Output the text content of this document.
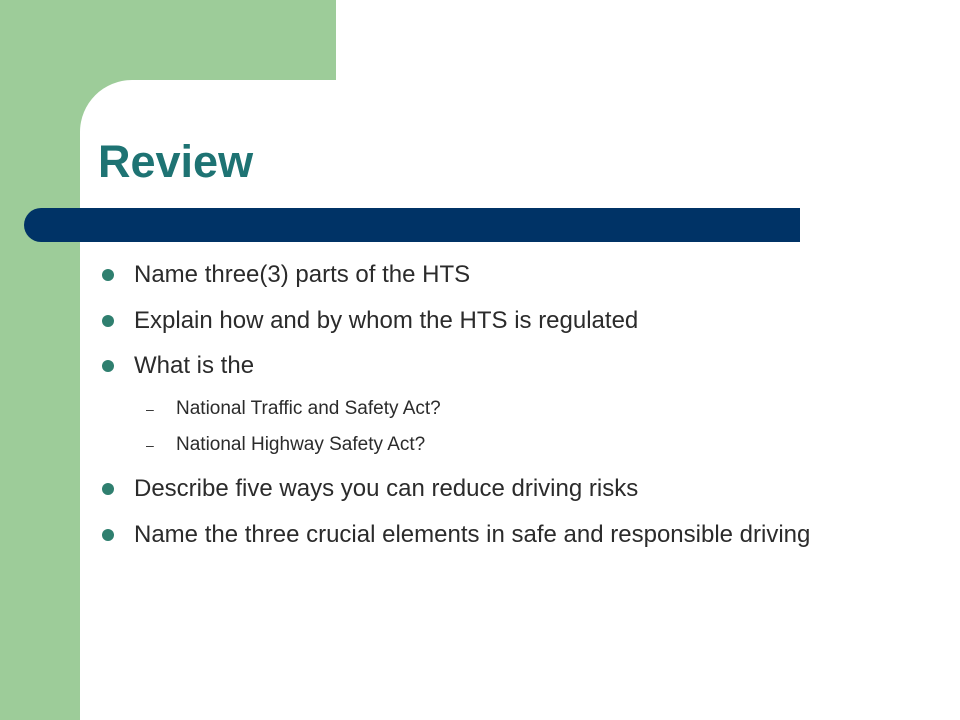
Review
Name three(3) parts of the HTS
Explain how and by whom the HTS is regulated
What is the
– National Traffic and Safety Act?
– National Highway Safety Act?
Describe five ways you can reduce driving risks
Name the three crucial elements in safe and responsible driving
